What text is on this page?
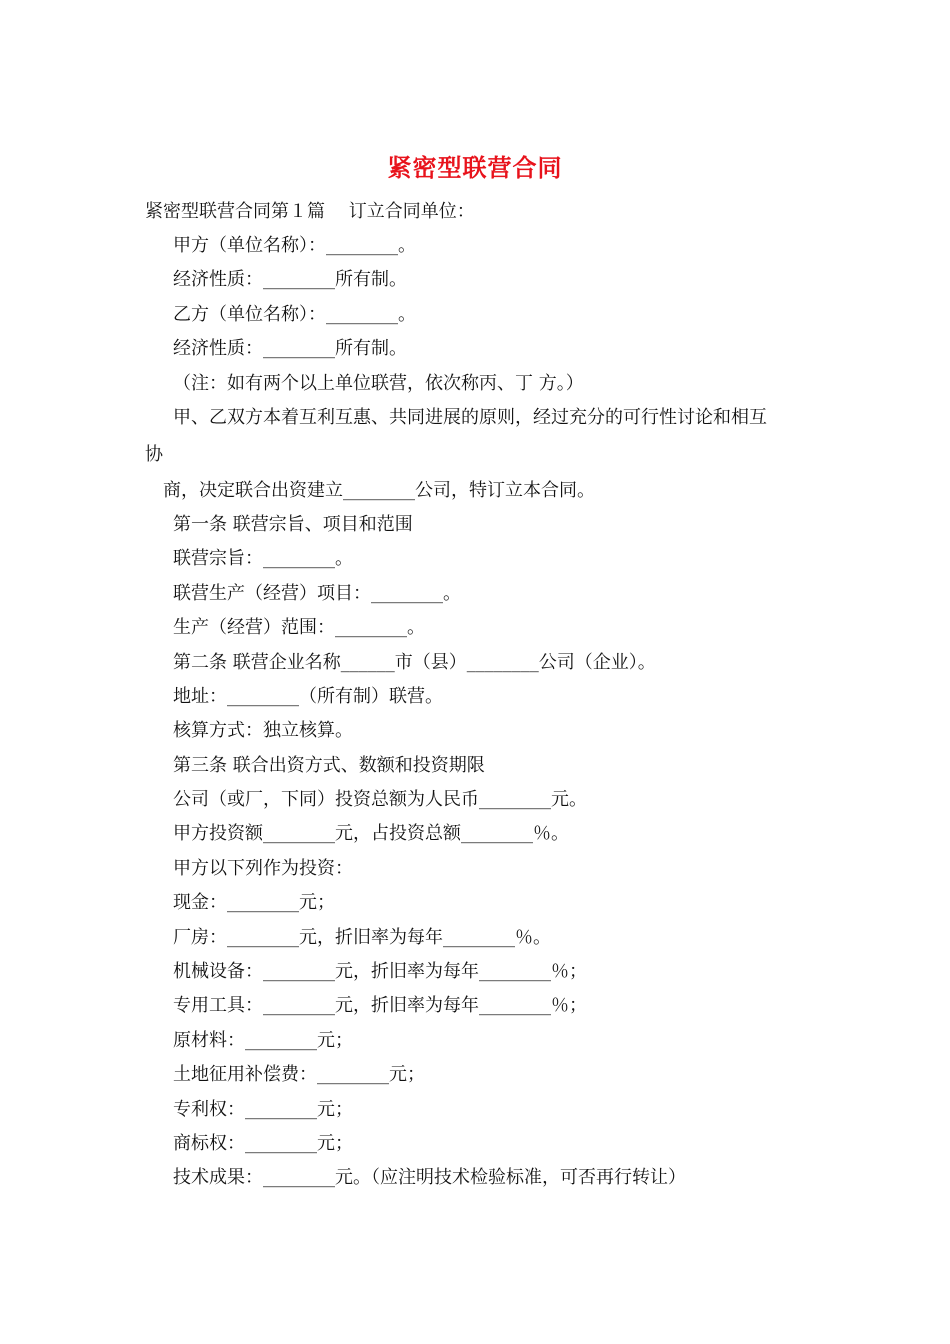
紧密型联营合同
紧密型联营合同第１篇　 订立合同单位：
甲方（单位名称）：________。
经济性质：________所有制。
乙方（单位名称）：________。
经济性质：________所有制。
（注：如有两个以上单位联营，依次称丙、丁 方。）
甲、乙双方本着互利互惠、共同进展的原则，经过充分的可行性讨论和相互
协
商，决定联合出资建立________公司，特订立本合同。
第一条 联营宗旨、项目和范围
联营宗旨：________。
联营生产（经营）项目：________。
生产（经营）范围：________。
第二条 联营企业名称______市（县）________公司（企业）。
地址：________（所有制）联营。
核算方式：独立核算。
第三条 联合出资方式、数额和投资期限
公司（或厂，下同）投资总额为人民币________元。
甲方投资额________元，占投资总额________％。
甲方以下列作为投资：
现金：________元；
厂房：________元，折旧率为每年________％。
机械设备：________元，折旧率为每年________％；
专用工具：________元，折旧率为每年________％；
原材料：________元；
土地征用补偿费：________元；
专利权：________元；
商标权：________元；
技术成果：________元。（应注明技术检验标准，可否再行转让）
